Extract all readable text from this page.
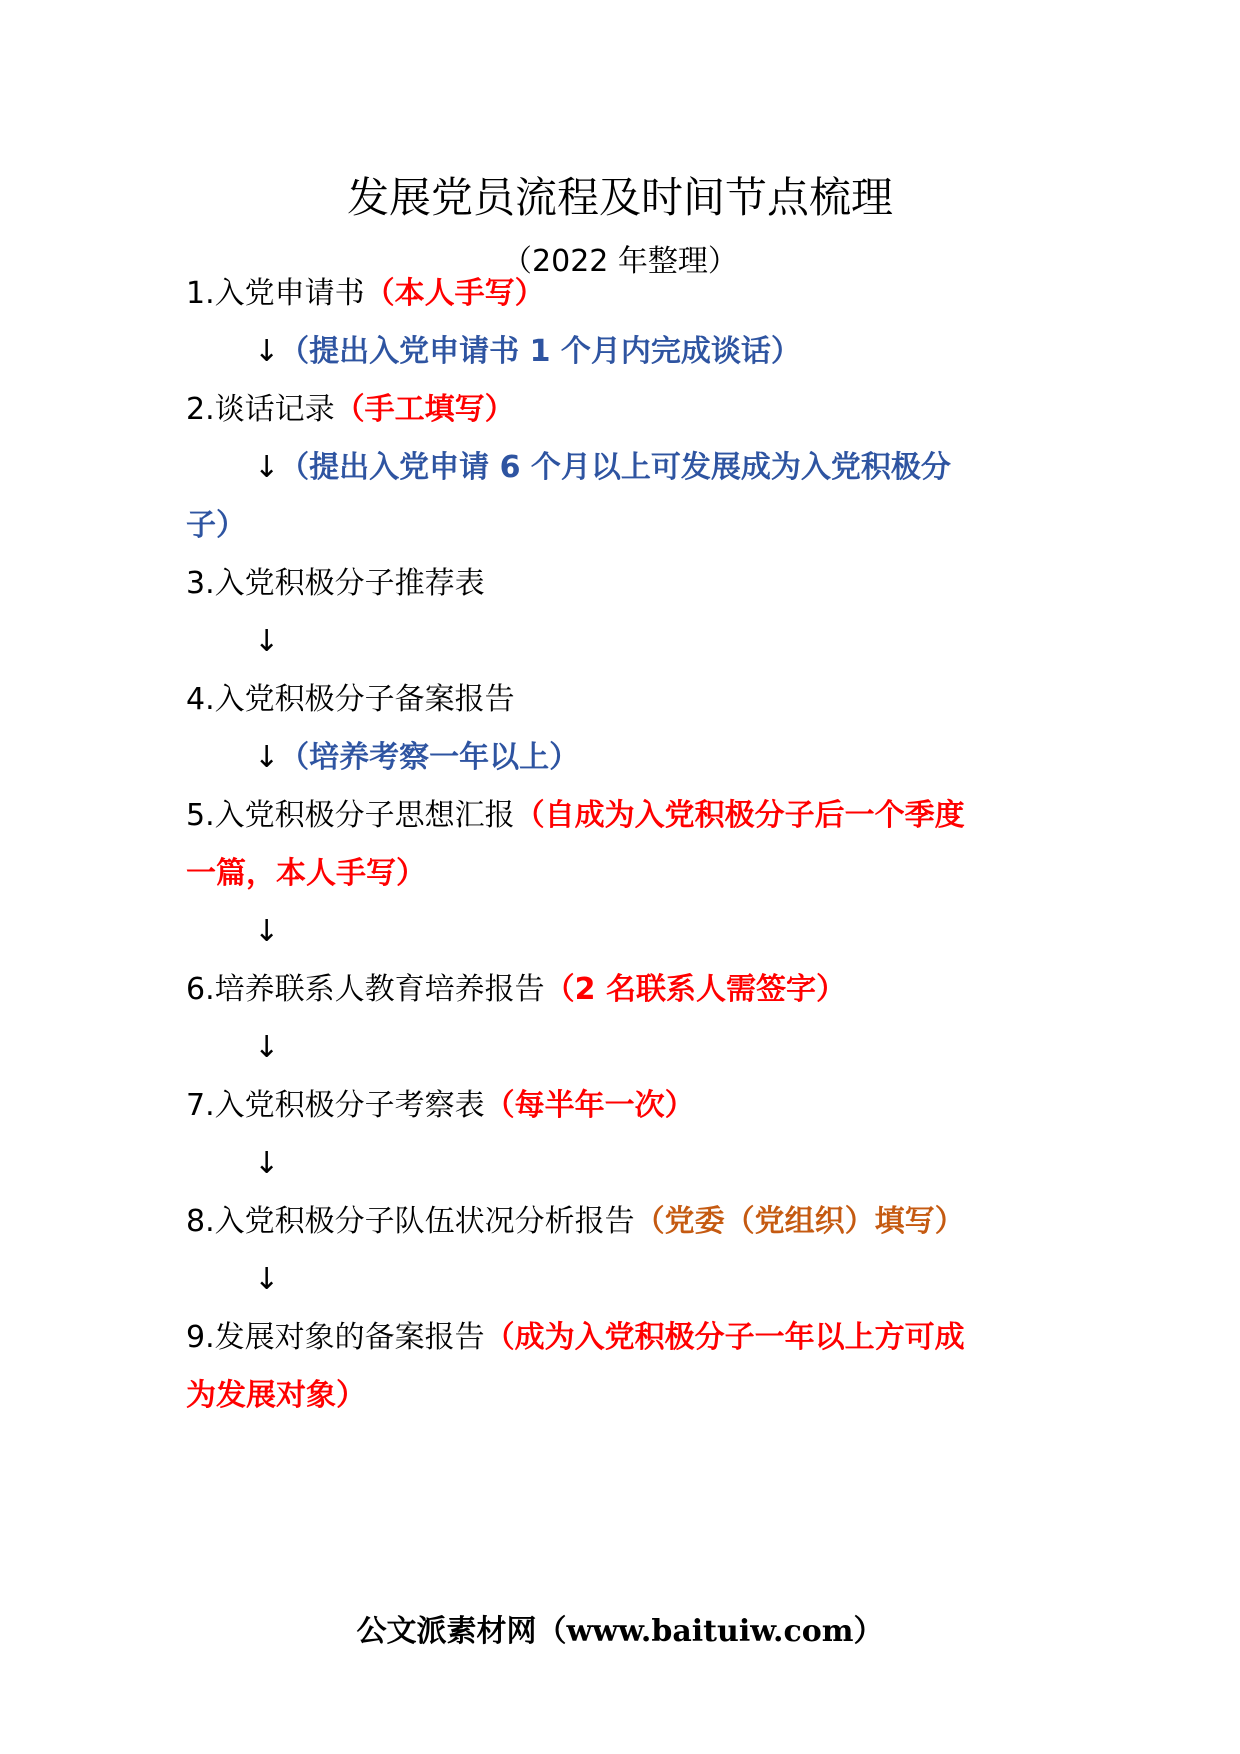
发展党员流程及时间节点梳理
（2022 年整理）
1.入党申请书（本人手写）
↓（提出入党申请书 1 个月内完成谈话）
2.谈话记录（手工填写）
↓（提出入党申请 6 个月以上可发展成为入党积极分
子）
3.入党积极分子推荐表
↓
4.入党积极分子备案报告
↓（培养考察一年以上）
5.入党积极分子思想汇报（自成为入党积极分子后一个季度
一篇，本人手写）
↓
6.培养联系人教育培养报告（2 名联系人需签字）
↓
7.入党积极分子考察表（每半年一次）
↓
8.入党积极分子队伍状况分析报告（党委（党组织）填写）
↓
9.发展对象的备案报告（成为入党积极分子一年以上方可成
为发展对象）
公文派素材网（www.baituiw.com）
